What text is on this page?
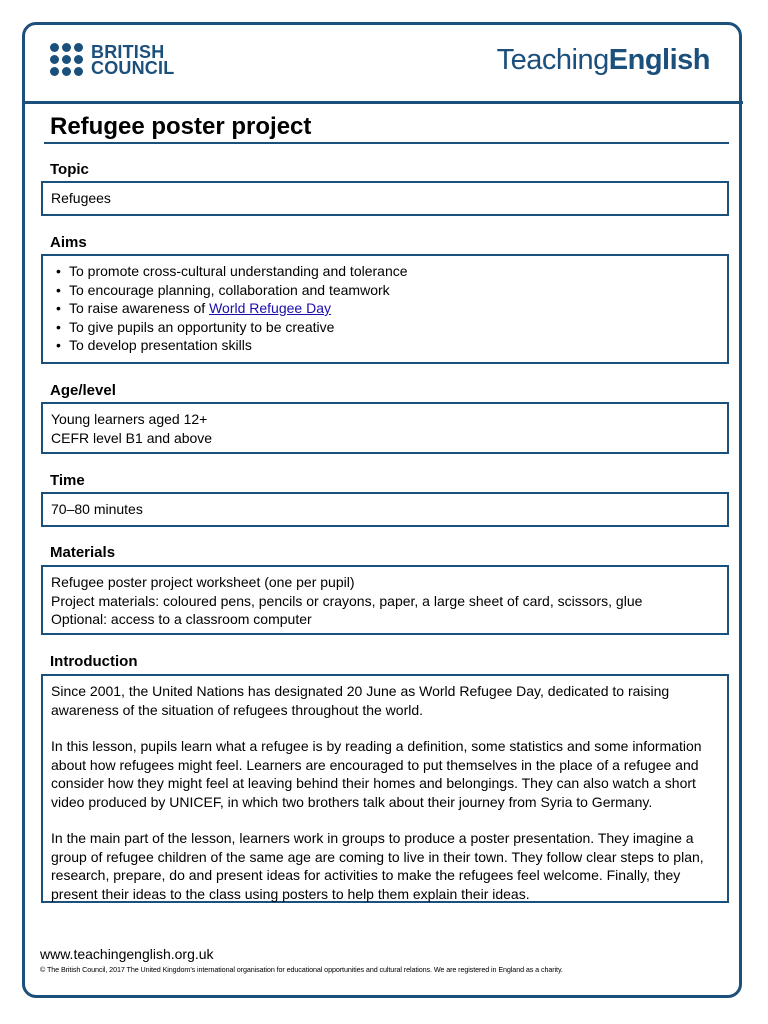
BRITISH
COUNCIL	TeachingEnglish
Refugee poster project
Topic
Refugees
Aims
• To promote cross-cultural understanding and tolerance
• To encourage planning, collaboration and teamwork
• To raise awareness of World Refugee Day
• To give pupils an opportunity to be creative
• To develop presentation skills
Age/level
Young learners aged 12+
CEFR level B1 and above
Time
70–80 minutes
Materials
Refugee poster project worksheet (one per pupil)
Project materials: coloured pens, pencils or crayons, paper, a large sheet of card, scissors, glue
Optional: access to a classroom computer
Introduction

Since 2001, the United Nations has designated 20 June as World Refugee Day, dedicated to raising awareness of the situation of refugees throughout the world.

In this lesson, pupils learn what a refugee is by reading a definition, some statistics and some information about how refugees might feel. Learners are encouraged to put themselves in the place of a refugee and consider how they might feel at leaving behind their homes and belongings. They can also watch a short video produced by UNICEF, in which two brothers talk about their journey from Syria to Germany.

In the main part of the lesson, learners work in groups to produce a poster presentation. They imagine a group of refugee children of the same age are coming to live in their town. They follow clear steps to plan, research, prepare, do and present ideas for activities to make the refugees feel welcome. Finally, they present their ideas to the class using posters to help them explain their ideas.

www.teachingenglish.org.uk
© The British Council, 2017 The United Kingdom’s international organisation for educational opportunities and cultural relations. We are registered in England as a charity.
